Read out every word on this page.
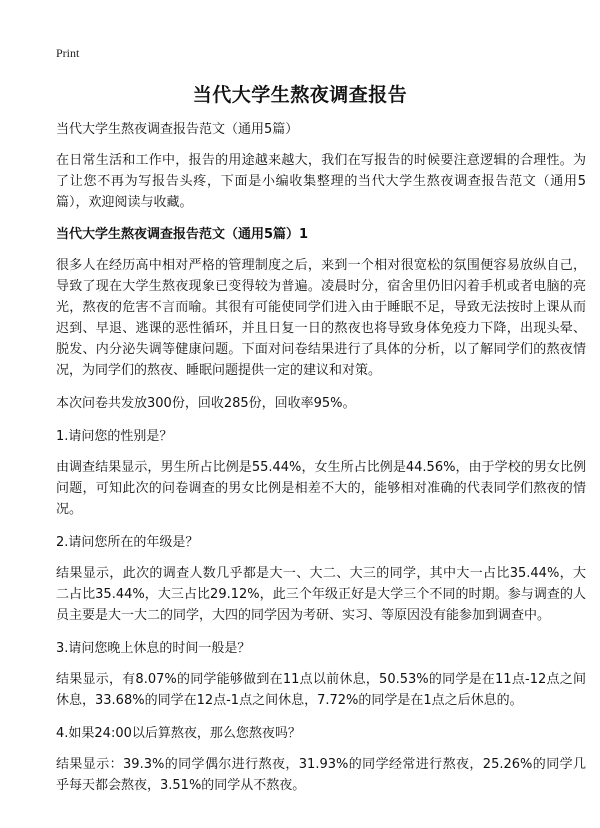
Print
当代大学生熬夜调查报告

当代大学生熬夜调查报告范文（通用5篇）

在日常生活和工作中，报告的用途越来越大，我们在写报告的时候要注意逻辑的合理性。为了让您不再为写报告头疼，下面是小编收集整理的当代大学生熬夜调查报告范文（通用5篇），欢迎阅读与收藏。

当代大学生熬夜调查报告范文（通用5篇）1

很多人在经历高中相对严格的管理制度之后，来到一个相对很宽松的氛围便容易放纵自己，导致了现在大学生熬夜现象已变得较为普遍。凌晨时分，宿舍里仍旧闪着手机或者电脑的亮光，熬夜的危害不言而喻。其很有可能使同学们进入由于睡眠不足，导致无法按时上课从而迟到、早退、逃课的恶性循环，并且日复一日的熬夜也将导致身体免疫力下降，出现头晕、脱发、内分泌失调等健康问题。下面对问卷结果进行了具体的分析，以了解同学们的熬夜情况，为同学们的熬夜、睡眠问题提供一定的建议和对策。

本次问卷共发放300份，回收285份，回收率95%。

1.请问您的性别是？

由调查结果显示，男生所占比例是55.44%，女生所占比例是44.56%，由于学校的男女比例问题，可知此次的问卷调查的男女比例是相差不大的，能够相对准确的代表同学们熬夜的情况。

2.请问您所在的年级是？

结果显示，此次的调查人数几乎都是大一、大二、大三的同学，其中大一占比35.44%，大二占比35.44%，大三占比29.12%，此三个年级正好是大学三个不同的时期。参与调查的人员主要是大一大二的同学，大四的同学因为考研、实习、等原因没有能参加到调查中。

3.请问您晚上休息的时间一般是？

结果显示，有8.07%的同学能够做到在11点以前休息，50.53%的同学是在11点-12点之间休息，33.68%的同学在12点-1点之间休息，7.72%的同学是在1点之后休息的。

4.如果24:00以后算熬夜，那么您熬夜吗？

结果显示：39.3%的同学偶尔进行熬夜，31.93%的同学经常进行熬夜，25.26%的同学几乎每天都会熬夜，3.51%的同学从不熬夜。
